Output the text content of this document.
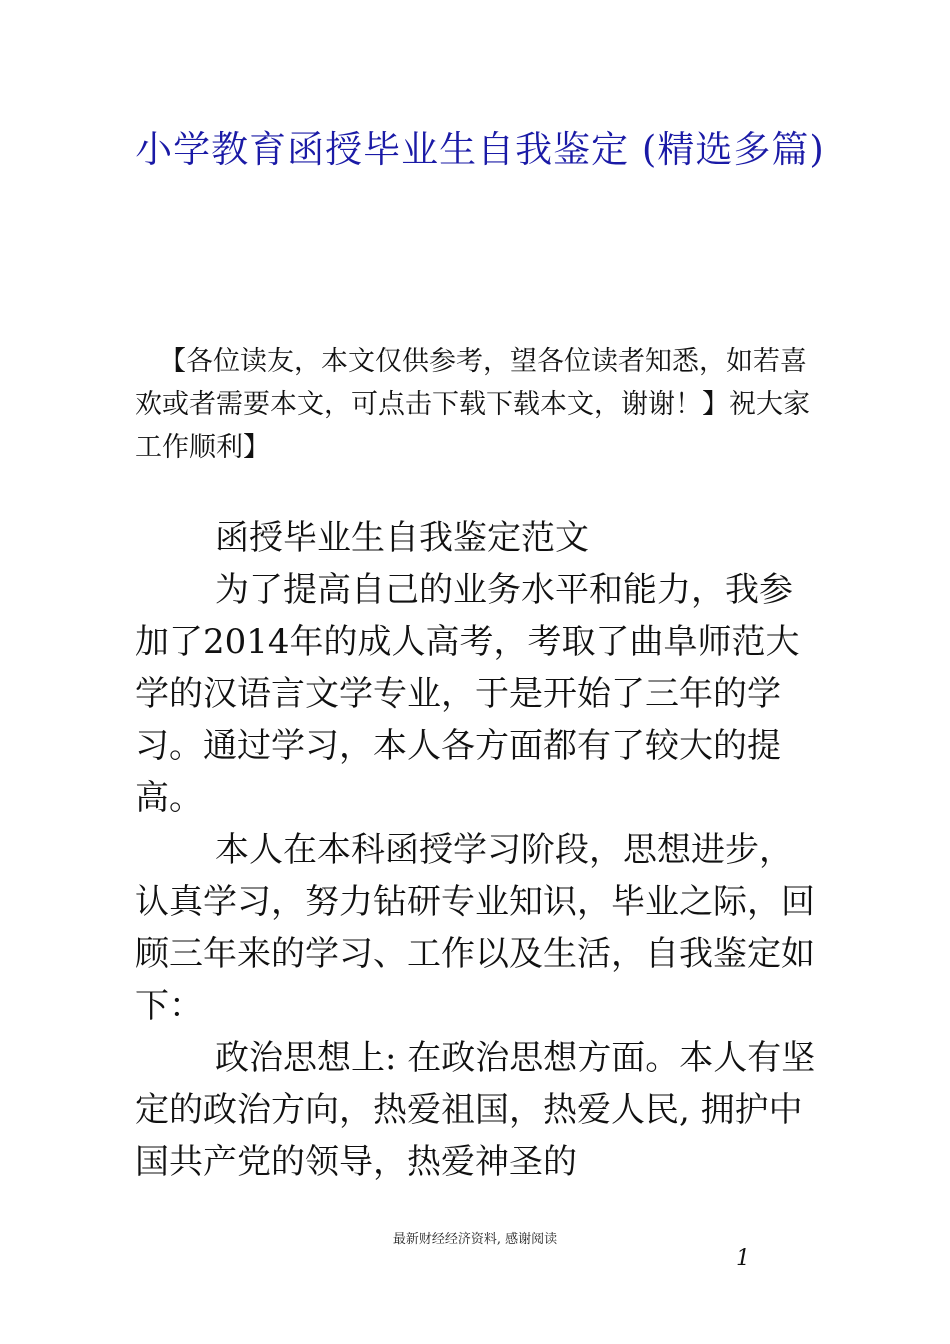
小学教育函授毕业生自我鉴定 (精选多篇)
【各位读友，本文仅供参考，望各位读者知悉，如若喜欢或者需要本文，可点击下载下载本文，谢谢！】祝大家工作顺利】

函授毕业生自我鉴定范文

为了提高自己的业务水平和能力，我参加了2014年的成人高考，考取了曲阜师范大学的汉语言文学专业，于是开始了三年的学习。通过学习，本人各方面都有了较大的提高。

本人在本科函授学习阶段，思想进步，认真学习，努力钻研专业知识，毕业之际，回顾三年来的学习、工作以及生活，自我鉴定如下：

政治思想上: 在政治思想方面。本人有坚定的政治方向，热爱祖国，热爱人民, 拥护中国共产党的领导，热爱神圣的

最新财经经济资料, 感谢阅读
1
